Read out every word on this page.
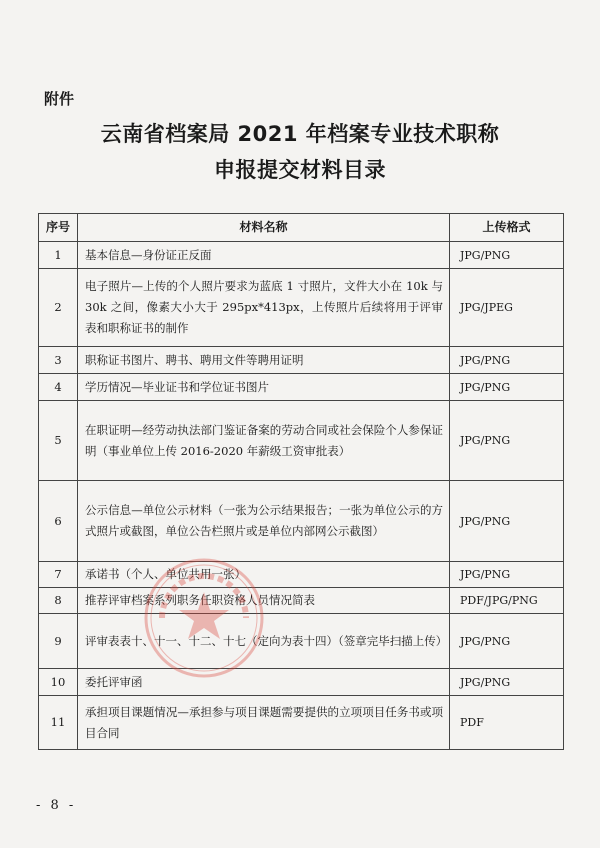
附件
云南省档案局 2021 年档案专业技术职称
申报提交材料目录
序号	材料名称	上传格式
1	基本信息—身份证正反面	JPG/PNG
2	电子照片—上传的个人照片要求为蓝底 1 寸照片，文件大小在 10k 与 30k 之间，像素大小大于 295px*413px，上传照片后续将用于评审表和职称证书的制作	JPG/JPEG
3	职称证书图片、聘书、聘用文件等聘用证明	JPG/PNG
4	学历情况—毕业证书和学位证书图片	JPG/PNG
5	在职证明—经劳动执法部门鉴证备案的劳动合同或社会保险个人参保证明（事业单位上传 2016-2020 年薪级工资审批表）	JPG/PNG
6	公示信息—单位公示材料（一张为公示结果报告；一张为单位公示的方式照片或截图，单位公告栏照片或是单位内部网公示截图）	JPG/PNG
7	承诺书（个人、单位共用一张）	JPG/PNG
8	推荐评审档案系列职务任职资格人员情况简表	PDF/JPG/PNG
9	评审表表十、十一、十二、十七（定向为表十四）（签章完毕扫描上传）	JPG/PNG
10	委托评审函	JPG/PNG
11	承担项目课题情况—承担参与项目课题需要提供的立项项目任务书或项目合同	PDF
- 8 -
